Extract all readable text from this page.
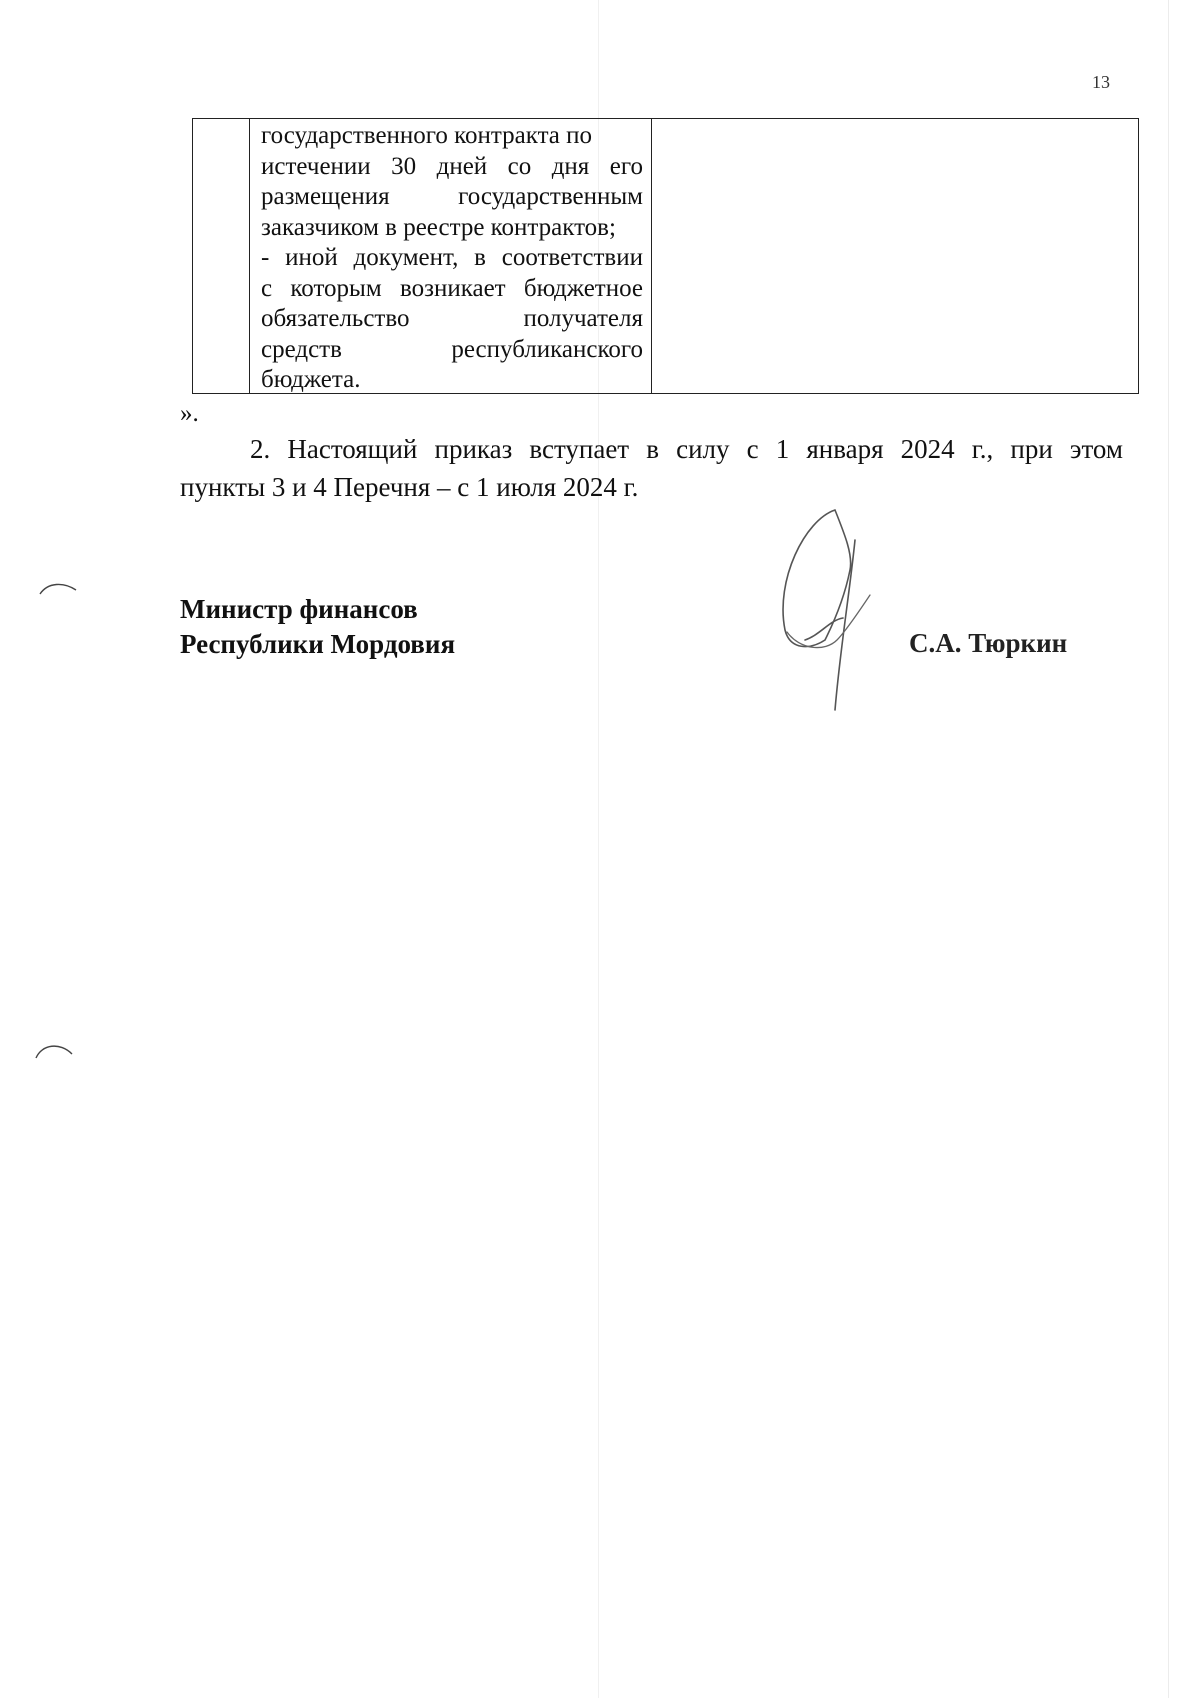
13
государственного контракта по
истечении 30 дней со дня его
размещения государственным
заказчиком в реестре контрактов;
- иной документ, в соответствии
с которым возникает бюджетное
обязательство получателя
средств республиканского
бюджета.
».
2. Настоящий приказ вступает в силу с 1 января 2024 г., при этом
пункты 3 и 4 Перечня – с 1 июля 2024 г.
Министр финансов
Республики Мордовия	С.А. Тюркин
